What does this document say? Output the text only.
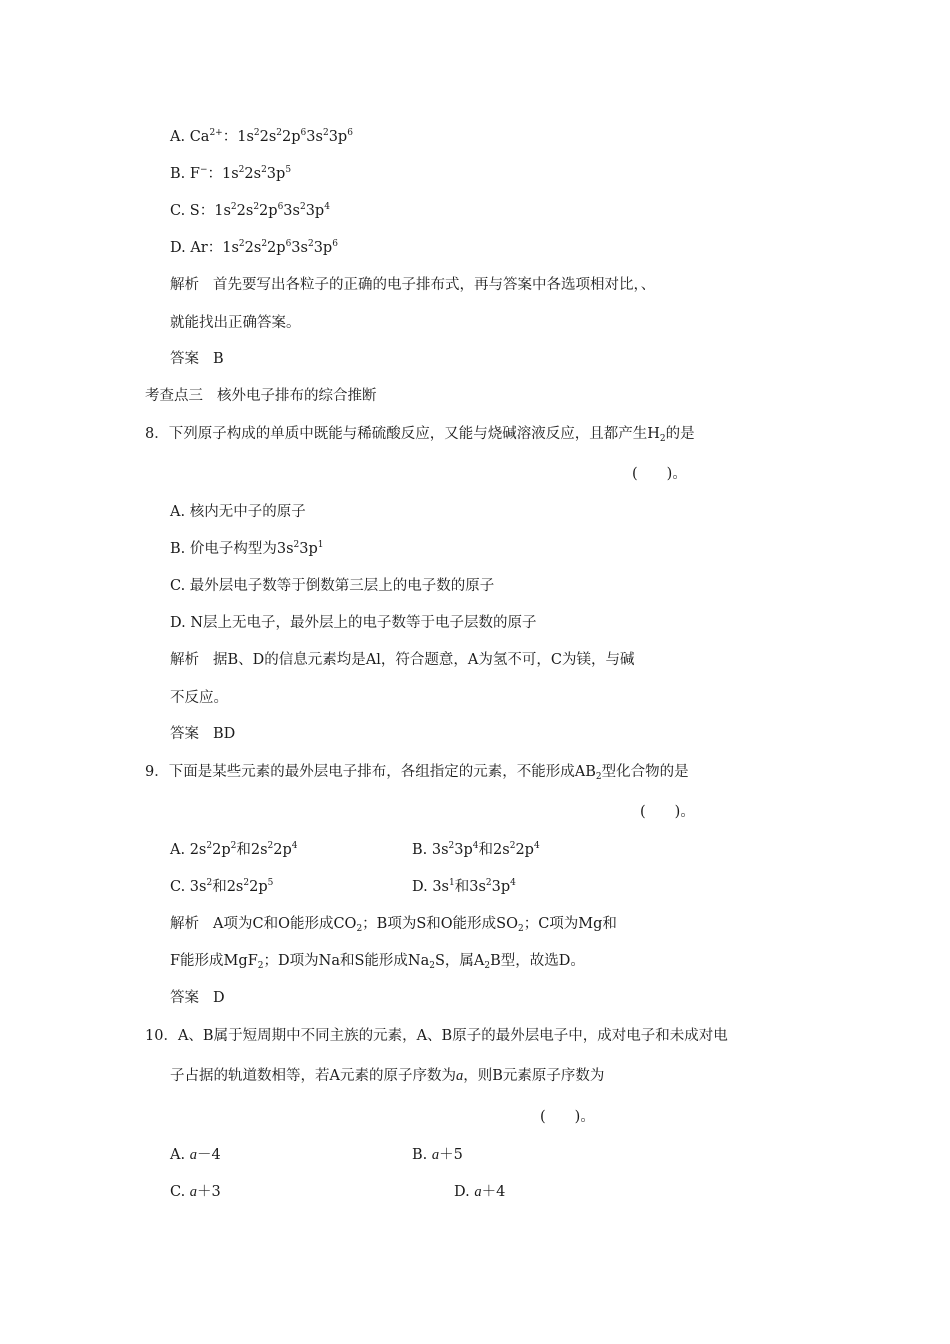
A. $Ca^{2+}$：$1s^22s^22p^63s^23p^6$
B. F−：$1s^22s^23p^5$
C. S：$1s^22s^22p^63s^23p^4$
D. Ar：$1s^22s^22p^63s^23p^6$
解析 首先要写出各粒子的正确的电子排布式，再与答案中各选项相对比，、
就能找出正确答案。
答案 B
考查点三 核外电子排布的综合推断
8．下列原子构成的单质中既能与稀硫酸反应，又能与烧碱溶液反应，且都产生$H_2$的是
(　　)。
A. 核内无中子的原子
B. 价电子构型为$3s^23p^1$
C. 最外层电子数等于倒数第三层上的电子数的原子
D. N层上无电子，最外层上的电子数等于电子层数的原子
解析 据B、D的信息元素均是Al，符合题意，A为氢不可，C为镁，与碱
不反应。
答案 BD
9．下面是某些元素的最外层电子排布，各组指定的元素，不能形成$AB_2$型化合物的是
(　　)。
A. $2s^22p^2$和$2s^22p^4$	B. $3s^23p^4$和$2s^22p^4$
C. $3s^2$和$2s^22p^5$	D. $3s^1$和$3s^23p^4$
解析 A项为C和O能形成$CO_2$；B项为S和O能形成$SO_2$；C项为Mg和
F能形成MgF$_2$；D项为Na和S能形成$Na_2S$，属$A_2B$型，故选D。
答案 D
10．A、B属于短周期中不同主族的元素，A、B原子的最外层电子中，成对电子和未成对电
子占据的轨道数相等，若A元素的原子序数为a，则B元素原子序数为
(　　)。
A. a－4	B. a＋5
C. a＋3	D. a＋4
